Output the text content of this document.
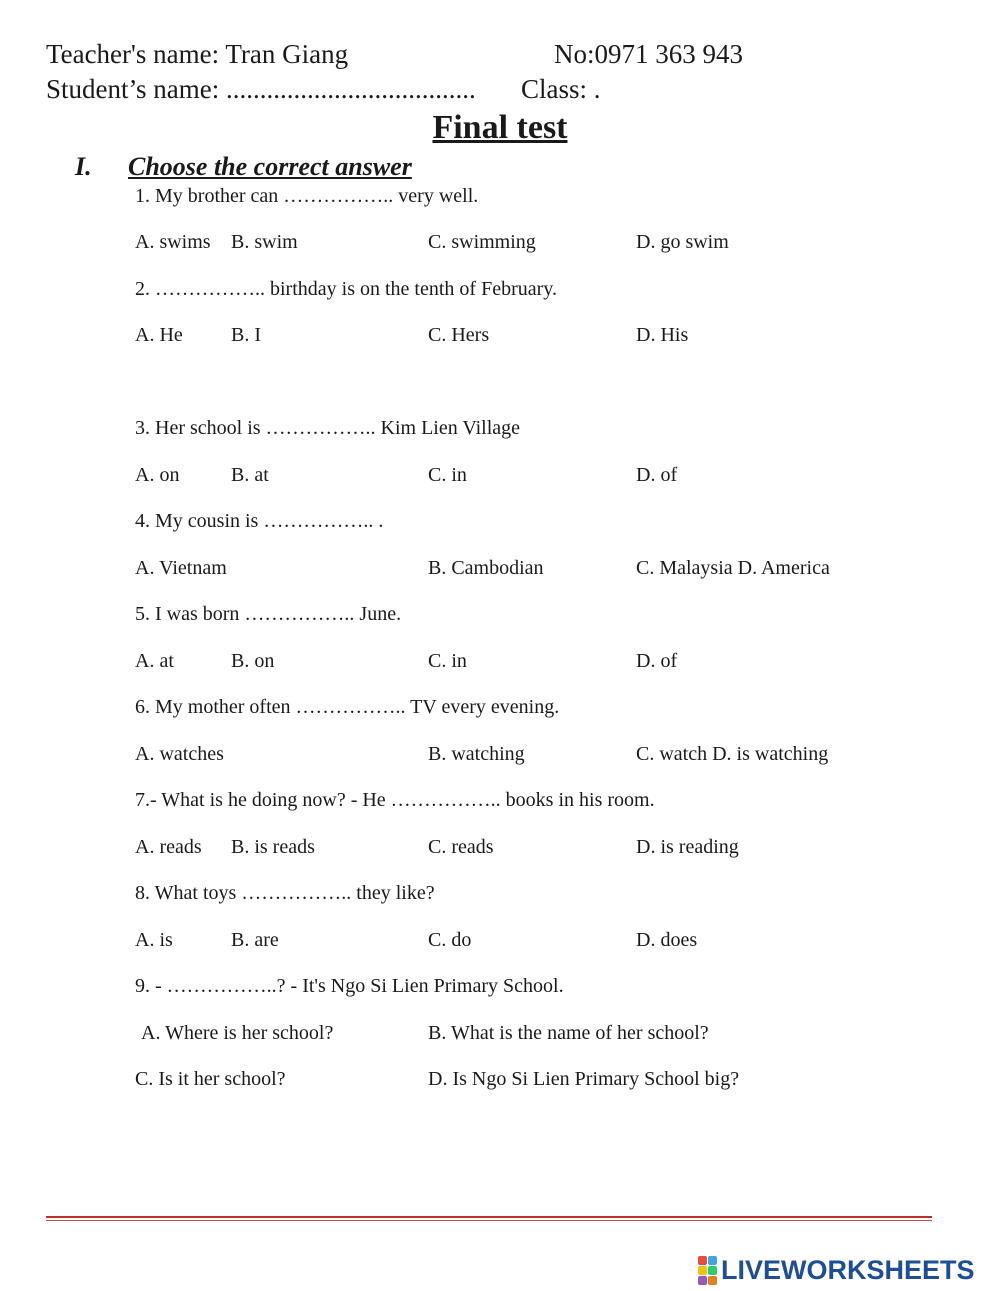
Teacher's name: Tran Giang	No:0971 363 943
Student’s name: ..................................... Class: .
Final test
I. Choose the correct answer
1. My brother can …………….. very well.
A. swims B. swim	C. swimming	D. go swim
2. …………….. birthday is on the tenth of February.
A. He B. I	C. Hers	D. His
3. Her school is …………….. Kim Lien Village
A. on	B. at	C. in	D. of
4. My cousin is …………….. .
A. Vietnam	B. Cambodian	C. Malaysia D. America
5. I was born …………….. June.
A. at	B. on	C. in	D. of
6. My mother often …………….. TV every evening.
A. watches	B. watching	C. watch D. is watching
7.- What is he doing now? - He …………….. books in his room.
A. reads B. is reads	C. reads	D. is reading
8. What toys …………….. they like?
A. is	B. are	C. do	D. does
9. - ……………..? - It's Ngo Si Lien Primary School.
A. Where is her school?	B. What is the name of her school?
C. Is it her school?	D. Is Ngo Si Lien Primary School big?
LIVEWORKSHEETS
